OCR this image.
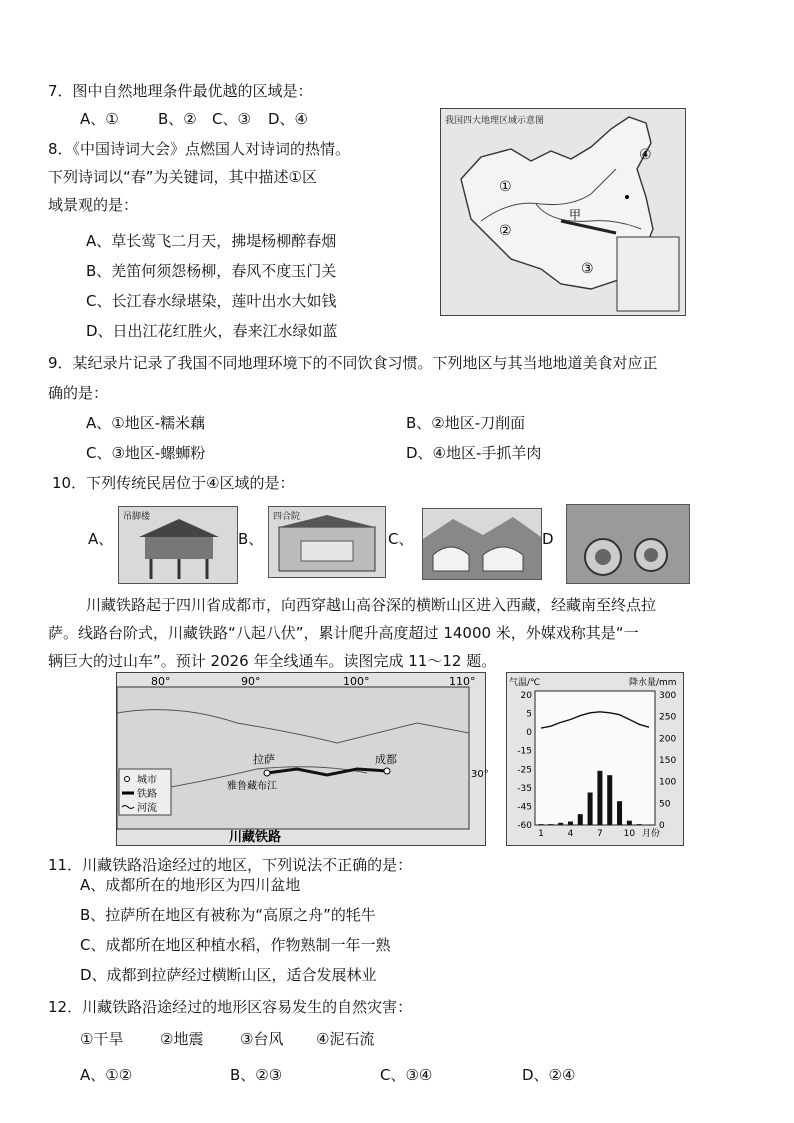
7．图中自然地理条件最优越的区域是：
A、①	B、② C、③ D、④
8．《中国诗词大会》点燃国人对诗词的热情。
下列诗词以“春”为关键词，其中描述①区
域景观的是：
A、草长莺飞二月天，拂堤杨柳醉春烟
B、羌笛何须怨杨柳，春风不度玉门关
C、长江春水绿堪染，莲叶出水大如钱
D、日出江花红胜火，春来江水绿如蓝
我国四大地理区域示意图
①
②
③
④
甲
9．某纪录片记录了我国不同地理环境下的不同饮食习惯。下列地区与其当地地道美食对应正
确的是：
A、①地区-糯米藕	B、②地区-刀削面
C、③地区-螺蛳粉	D、④地区-手抓羊肉
10．下列传统民居位于④区域的是：
A、
吊脚楼
B、
四合院
C、	D
川藏铁路起于四川省成都市，向西穿越山高谷深的横断山区进入西藏，经藏南至终点拉
萨。线路台阶式，川藏铁路“八起八伏”，累计爬升高度超过 14000 米，外媒戏称其是“一
辆巨大的过山车”。预计 2026 年全线通车。读图完成 11～12 题。
80°	90°	100°	110°
30°
拉萨	成都
雅鲁藏布江
城市
铁路
河流
川藏铁路
气温/℃	降水量/mm
20
5
0
-15
-25
-35
-45
-60
300
250
200
150
100
50
0
1	4	7 10 月份
11．川藏铁路沿途经过的地区，下列说法不正确的是：
A、成都所在的地形区为四川盆地
B、拉萨所在地区有被称为“高原之舟”的牦牛
C、成都所在地区种植水稻，作物熟制一年一熟
D、成都到拉萨经过横断山区，适合发展林业
12．川藏铁路沿途经过的地形区容易发生的自然灾害：
①干旱 ②地震 ③台风 ④泥石流
A、①②	B、②③	C、③④	D、②④
